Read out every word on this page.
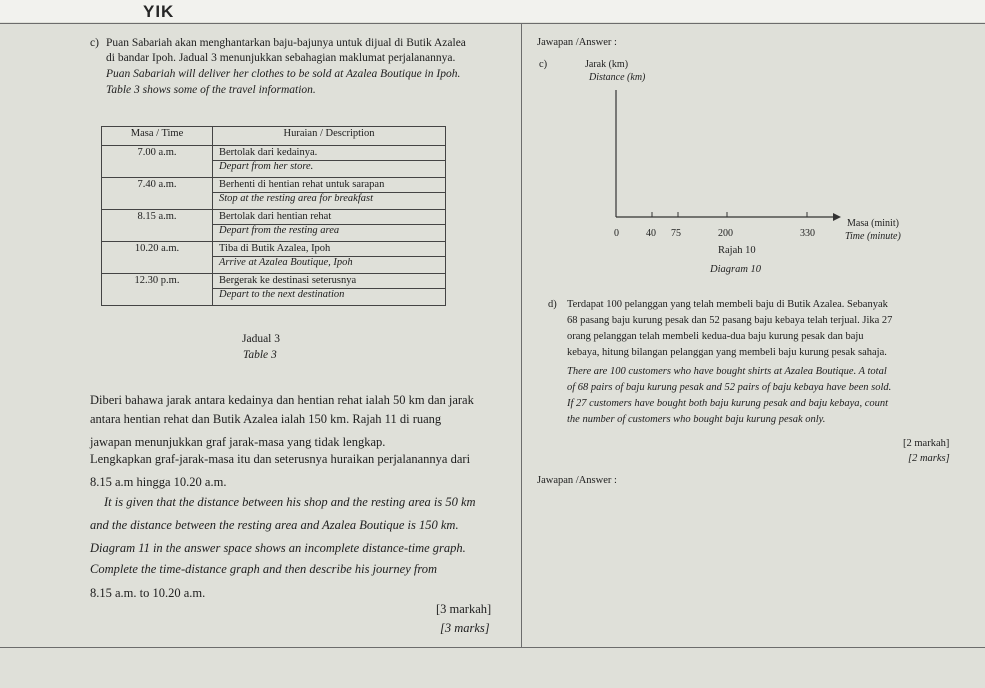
YIK
c) Puan Sabariah akan menghantarkan baju-bajunya untuk dijual di Butik Azalea
di bandar Ipoh. Jadual 3 menunjukkan sebahagian maklumat perjalanannya.
Puan Sabariah will deliver her clothes to be sold at Azalea Boutique in Ipoh.
Table 3 shows some of the travel information.
Masa / Time	Huraian / Description
7.00 a.m.	Bertolak dari kedainya.
Depart from her store.

7.40 a.m.	Berhenti di hentian rehat untuk sarapan
Stop at the resting area for breakfast

8.15 a.m.	Bertolak dari hentian rehat
Depart from the resting area

10.20 a.m.	Tiba di Butik Azalea, Ipoh
Arrive at Azalea Boutique, Ipoh

12.30 p.m.	Bergerak ke destinasi seterusnya
Depart to the next destination
Jadual 3
Table 3
Diberi bahawa jarak antara kedainya dan hentian rehat ialah 50 km dan jarak
antara hentian rehat dan Butik Azalea ialah 150 km. Rajah 11 di ruang
jawapan menunjukkan graf jarak-masa yang tidak lengkap.
Lengkapkan graf-jarak-masa itu dan seterusnya huraikan perjalanannya dari
8.15 a.m hingga 10.20 a.m.
It is given that the distance between his shop and the resting area is 50 km
and the distance between the resting area and Azalea Boutique is 150 km.
Diagram 11 in the answer space shows an incomplete distance-time graph.
Complete the time-distance graph and then describe his journey from
8.15 a.m. to 10.20 a.m.
[3 markah]
[3 marks]
Jawapan /Answer :
c)	Jarak (km)
Distance (km)
0	40 75	200	330
Masa (minit)
Time (minute)
Rajah 10
Diagram 10
d) Terdapat 100 pelanggan yang telah membeli baju di Butik Azalea. Sebanyak
68 pasang baju kurung pesak dan 52 pasang baju kebaya telah terjual. Jika 27
orang pelanggan telah membeli kedua-dua baju kurung pesak dan baju
kebaya, hitung bilangan pelanggan yang membeli baju kurung pesak sahaja.
There are 100 customers who have bought shirts at Azalea Boutique. A total
of 68 pairs of baju kurung pesak and 52 pairs of baju kebaya have been sold.
If 27 customers have bought both baju kurung pesak and baju kebaya, count
the number of customers who bought baju kurung pesak only.
[2 markah]
[2 marks]
Jawapan /Answer :
